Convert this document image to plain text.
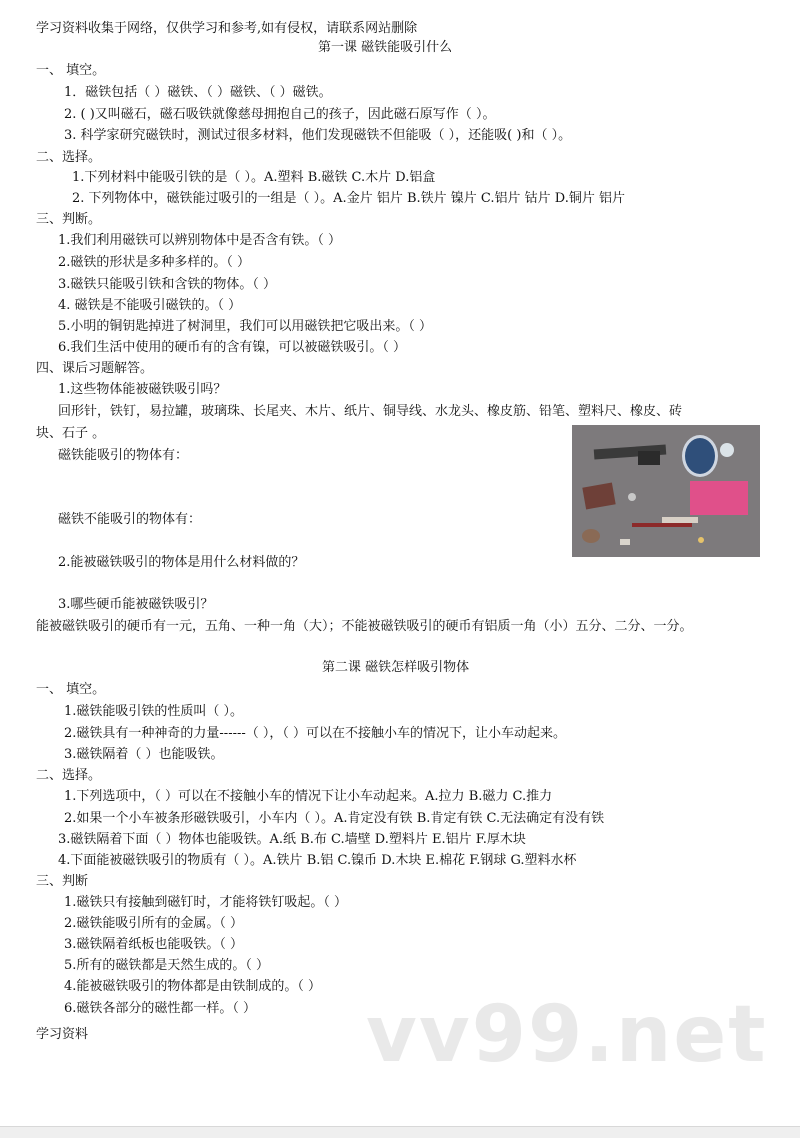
学习资料收集于网络，仅供学习和参考,如有侵权，请联系网站删除
第一课 磁铁能吸引什么
一、 填空。
1．磁铁包括（ ）磁铁、（ ）磁铁、（ ）磁铁。
2. ( )又叫磁石，磁石吸铁就像慈母拥抱自己的孩子，因此磁石原写作（ ）。
3. 科学家研究磁铁时，测试过很多材料，他们发现磁铁不但能吸（ ），还能吸( )和（ ）。
二、选择。
1.下列材料中能吸引铁的是（ ）。A.塑料 B.磁铁 C.木片 D.铝盒
2. 下列物体中，磁铁能过吸引的一组是（ ）。A.金片 铝片 B.铁片 镍片 C.铝片 钴片 D.铜片 铝片
三、判断。
1.我们利用磁铁可以辨别物体中是否含有铁。（ ）
2.磁铁的形状是多种多样的。（ ）
3.磁铁只能吸引铁和含铁的物体。（ ）
4. 磁铁是不能吸引磁铁的。（ ）
5.小明的铜钥匙掉进了树洞里，我们可以用磁铁把它吸出来。（ ）
6.我们生活中使用的硬币有的含有镍，可以被磁铁吸引。（ ）
四、课后习题解答。
1.这些物体能被磁铁吸引吗？
回形针，铁钉，易拉罐，玻璃珠、长尾夹、木片、纸片、铜导线、水龙头、橡皮筋、铅笔、塑料尺、橡皮、砖
块、石子 。
磁铁能吸引的物体有：
磁铁不能吸引的物体有：
2.能被磁铁吸引的物体是用什么材料做的？
3.哪些硬币能被磁铁吸引？
能被磁铁吸引的硬币有一元，五角、一种一角（大）；不能被磁铁吸引的硬币有铝质一角（小）五分、二分、一分。
第二课 磁铁怎样吸引物体
一、 填空。
1.磁铁能吸引铁的性质叫（ ）。
2.磁铁具有一种神奇的力量------（ ），（ ）可以在不接触小车的情况下，让小车动起来。
3.磁铁隔着（ ）也能吸铁。
二、选择。
1.下列选项中，（ ）可以在不接触小车的情况下让小车动起来。A.拉力 B.磁力 C.推力
2.如果一个小车被条形磁铁吸引，小车内（ ）。A.肯定没有铁 B.肯定有铁 C.无法确定有没有铁
3.磁铁隔着下面（ ）物体也能吸铁。A.纸 B.布 C.墙壁 D.塑料片 E.铝片 F.厚木块
4.下面能被磁铁吸引的物质有（ ）。A.铁片 B.铝 C.镍币 D.木块 E.棉花 F.钢球 G.塑料水杯
三、判断
1.磁铁只有接触到磁钉时，才能将铁钉吸起。（ ）
2.磁铁能吸引所有的金属。（ ）
3.磁铁隔着纸板也能吸铁。（ ）
5.所有的磁铁都是天然生成的。（ ）
4.能被磁铁吸引的物体都是由铁制成的。（ ）
6.磁铁各部分的磁性都一样。（ ）
学习资料	vv99.net
